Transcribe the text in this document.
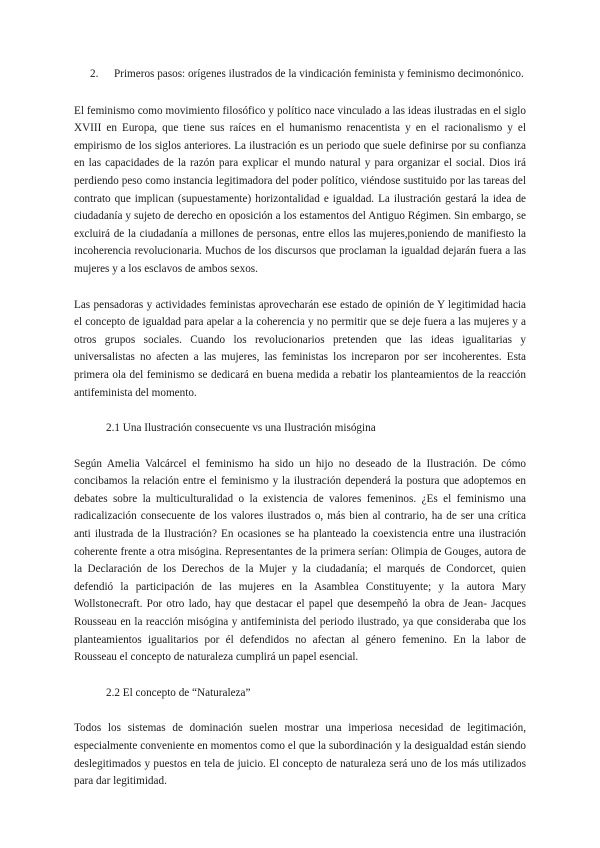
2.	Primeros pasos: orígenes ilustrados de la vindicación feminista y feminismo decimonónico.

El feminismo como movimiento filosófico y político nace vinculado a las ideas ilustradas en el siglo XVIII en Europa, que tiene sus raíces en el humanismo renacentista y en el racionalismo y el empirismo de los siglos anteriores. La ilustración es un periodo que suele definirse por su confianza en las capacidades de la razón para explicar el mundo natural y para organizar el social. Dios irá perdiendo peso como instancia legitimadora del poder político, viéndose sustituido por las tareas del contrato que implican (supuestamente) horizontalidad e igualdad. La ilustración gestará la idea de ciudadanía y sujeto de derecho en oposición a los estamentos del Antiguo Régimen. Sin embargo, se excluirá de la ciudadanía a millones de personas, entre ellos las mujeres,poniendo de manifiesto la incoherencia revolucionaria. Muchos de los discursos que proclaman la igualdad dejarán fuera a las mujeres y a los esclavos de ambos sexos.

Las pensadoras y actividades feministas aprovecharán ese estado de opinión de Y legitimidad hacia el concepto de igualdad para apelar a la coherencia y no permitir que se deje fuera a las mujeres y a otros grupos sociales. Cuando los revolucionarios pretenden que las ideas igualitarias y universalistas no afecten a las mujeres, las feministas los increparon por ser incoherentes. Esta primera ola del feminismo se dedicará en buena medida a rebatir los planteamientos de la reacción antifeminista del momento.

2.1 Una Ilustración consecuente vs una Ilustración misógina

Según Amelia Valcárcel el feminismo ha sido un hijo no deseado de la Ilustración. De cómo concibamos la relación entre el feminismo y la ilustración dependerá la postura que adoptemos en debates sobre la multiculturalidad o la existencia de valores femeninos. ¿Es el feminismo una radicalización consecuente de los valores ilustrados o, más bien al contrario, ha de ser una crítica anti ilustrada de la Ilustración? En ocasiones se ha planteado la coexistencia entre una ilustración coherente frente a otra misógina. Representantes de la primera serían: Olimpia de Gouges, autora de la Declaración de los Derechos de la Mujer y la ciudadanía; el marqués de Condorcet, quien defendió la participación de las mujeres en la Asamblea Constituyente; y la autora Mary Wollstonecraft. Por otro lado, hay que destacar el papel que desempeñó la obra de Jean- Jacques Rousseau en la reacción misógina y antifeminista del periodo ilustrado, ya que consideraba que los planteamientos igualitarios por él defendidos no afectan al género femenino. En la labor de Rousseau el concepto de naturaleza cumplirá un papel esencial.

2.2 El concepto de “Naturaleza”

Todos los sistemas de dominación suelen mostrar una imperiosa necesidad de legitimación, especialmente conveniente en momentos como el que la subordinación y la desigualdad están siendo deslegitimados y puestos en tela de juicio. El concepto de naturaleza será uno de los más utilizados para dar legitimidad.
